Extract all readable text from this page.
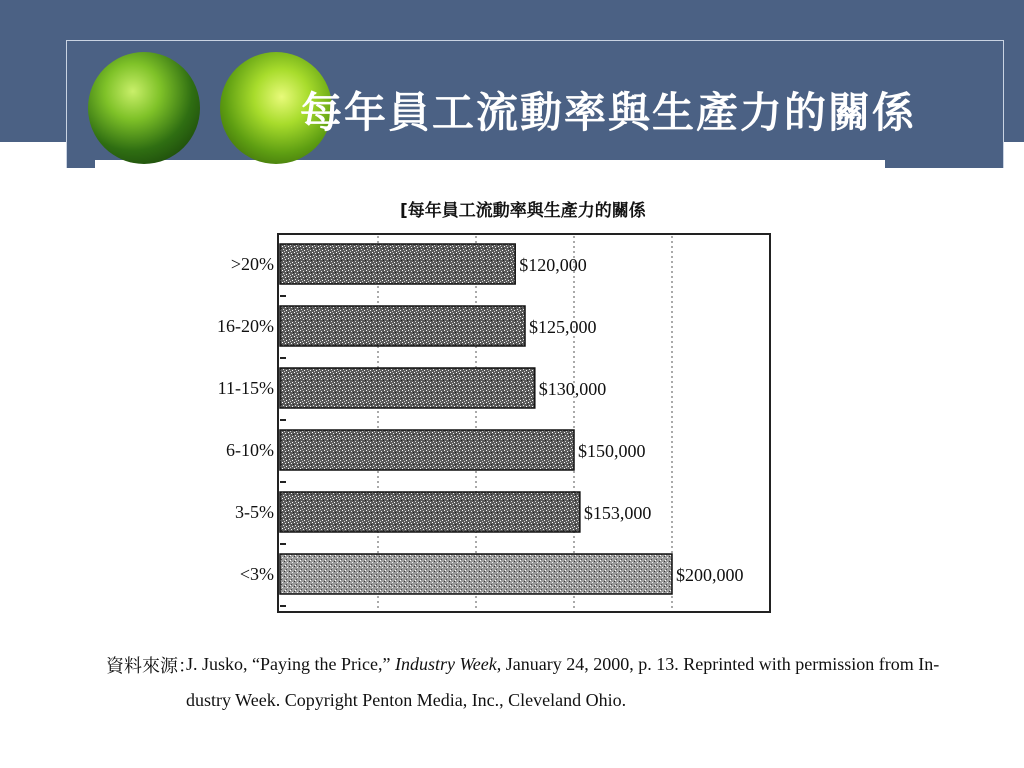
每年員工流動率與生產力的關係
[每年員工流動率與生產力的關係
>20%	$120,000
16-20%	$125,000
11-15%	$130,000
6-10%	$150,000
3-5%	$153,000
<3%	$200,000
資料來源：
J. Jusko, “Paying the Price,” Industry Week, January 24, 2000, p. 13. Reprinted with permission from In-
dustry Week. Copyright Penton Media, Inc., Cleveland Ohio.
